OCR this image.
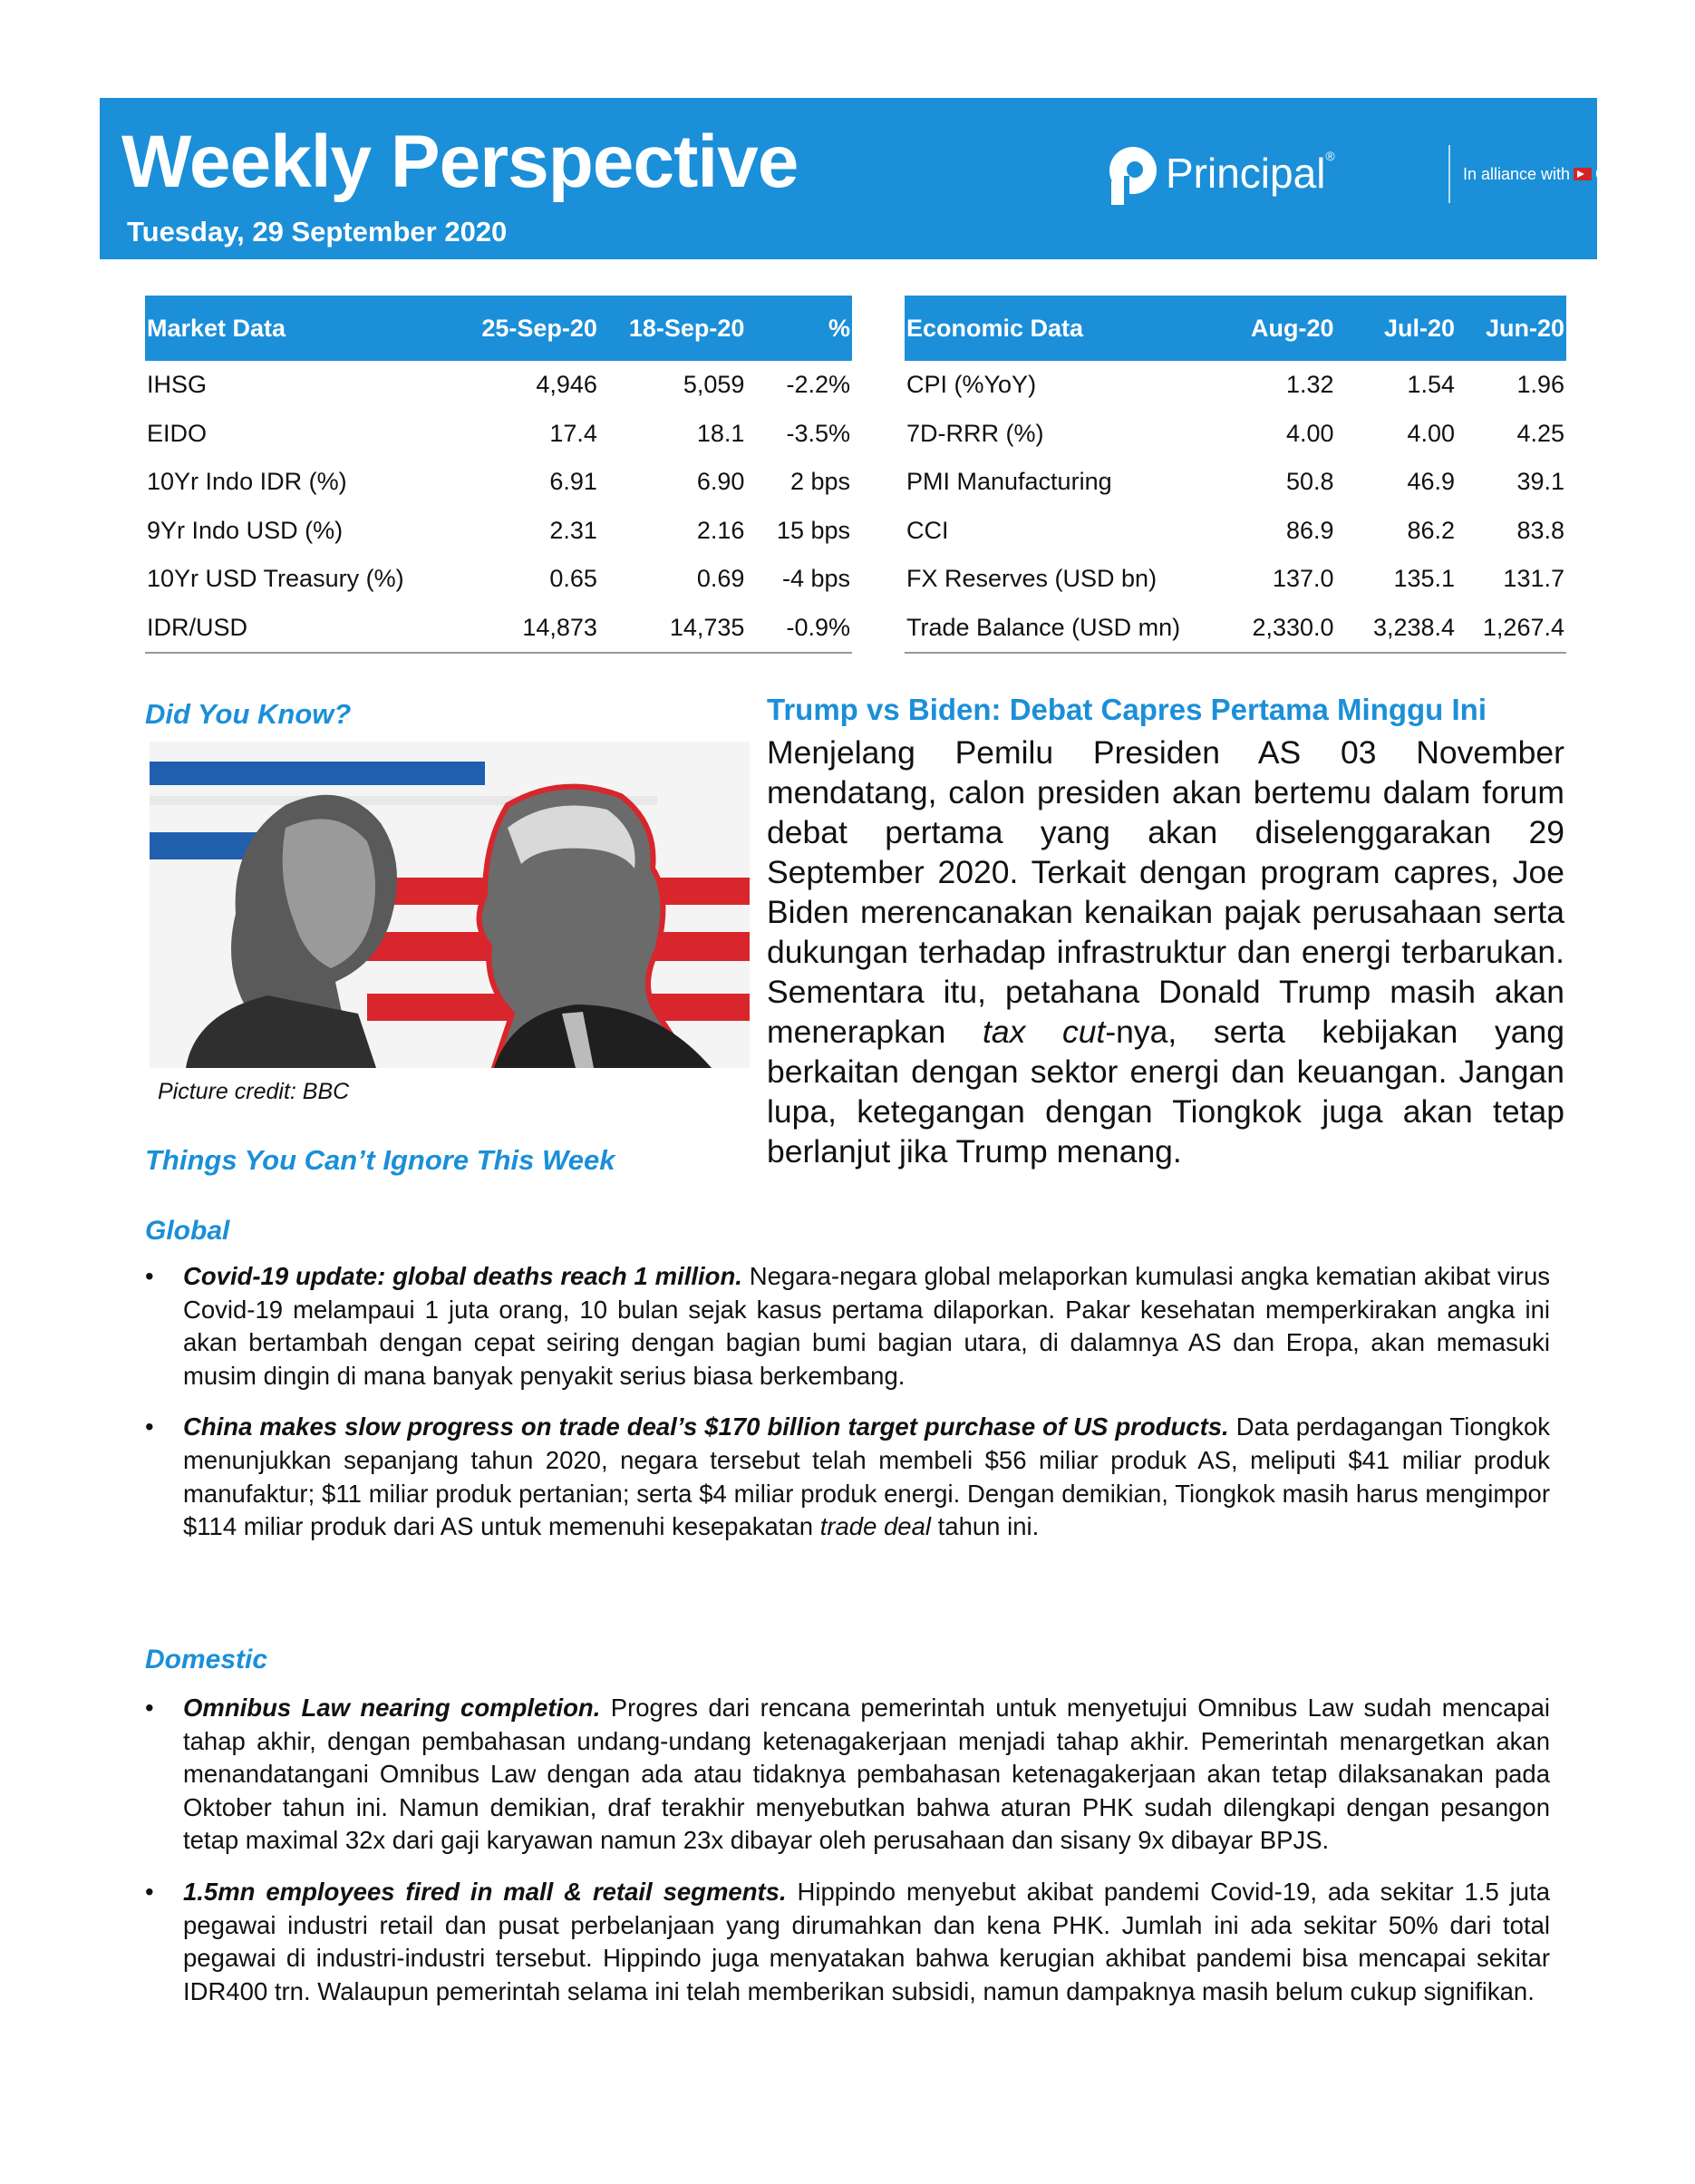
Weekly Perspective
Tuesday, 29 September 2020
Principal®
In alliance with CIMB
Market Data	25-Sep-20	18-Sep-20	%
IHSG	4,946	5,059	-2.2%
EIDO	17.4	18.1	-3.5%
10Yr Indo IDR (%)	6.91	6.90	2 bps
9Yr Indo USD (%)	2.31	2.16	15 bps
10Yr USD Treasury (%)	0.65	0.69	-4 bps
IDR/USD	14,873	14,735	-0.9%
Economic Data	Aug-20	Jul-20	Jun-20
CPI (%YoY)	1.32	1.54	1.96
7D-RRR (%)	4.00	4.00	4.25
PMI Manufacturing	50.8	46.9	39.1
CCI	86.9	86.2	83.8
FX Reserves (USD bn)	137.0	135.1	131.7
Trade Balance (USD mn)	2,330.0	3,238.4	1,267.4
Did You Know?
Picture credit: BBC
Things You Can’t Ignore This Week
Trump vs Biden: Debat Capres Pertama Minggu Ini
Menjelang Pemilu Presiden AS 03 November mendatang, calon presiden akan bertemu dalam forum debat pertama yang akan diselenggarakan 29 September 2020. Terkait dengan program capres, Joe Biden merencanakan kenaikan pajak perusahaan serta dukungan terhadap infrastruktur dan energi terbarukan. Sementara itu, petahana Donald Trump masih akan menerapkan tax cut-nya, serta kebijakan yang berkaitan dengan sektor energi dan keuangan. Jangan lupa, ketegangan dengan Tiongkok juga akan tetap berlanjut jika Trump menang.
Global
• Covid-19 update: global deaths reach 1 million. Negara-negara global melaporkan kumulasi angka kematian akibat virus Covid-19 melampaui 1 juta orang, 10 bulan sejak kasus pertama dilaporkan. Pakar kesehatan memperkirakan angka ini akan bertambah dengan cepat seiring dengan bagian bumi bagian utara, di dalamnya AS dan Eropa, akan memasuki musim dingin di mana banyak penyakit serius biasa berkembang.
• China makes slow progress on trade deal’s $170 billion target purchase of US products. Data perdagangan Tiongkok menunjukkan sepanjang tahun 2020, negara tersebut telah membeli $56 miliar produk AS, meliputi $41 miliar produk manufaktur; $11 miliar produk pertanian; serta $4 miliar produk energi. Dengan demikian, Tiongkok masih harus mengimpor $114 miliar produk dari AS untuk memenuhi kesepakatan trade deal tahun ini.
Domestic
• Omnibus Law nearing completion. Progres dari rencana pemerintah untuk menyetujui Omnibus Law sudah mencapai tahap akhir, dengan pembahasan undang-undang ketenagakerjaan menjadi tahap akhir. Pemerintah menargetkan akan menandatangani Omnibus Law dengan ada atau tidaknya pembahasan ketenagakerjaan akan tetap dilaksanakan pada Oktober tahun ini. Namun demikian, draf terakhir menyebutkan bahwa aturan PHK sudah dilengkapi dengan pesangon tetap maximal 32x dari gaji karyawan namun 23x dibayar oleh perusahaan dan sisany 9x dibayar BPJS.
• 1.5mn employees fired in mall & retail segments. Hippindo menyebut akibat pandemi Covid-19, ada sekitar 1.5 juta pegawai industri retail dan pusat perbelanjaan yang dirumahkan dan kena PHK. Jumlah ini ada sekitar 50% dari total pegawai di industri-industri tersebut. Hippindo juga menyatakan bahwa kerugian akhibat pandemi bisa mencapai sekitar IDR400 trn. Walaupun pemerintah selama ini telah memberikan subsidi, namun dampaknya masih belum cukup signifikan.
